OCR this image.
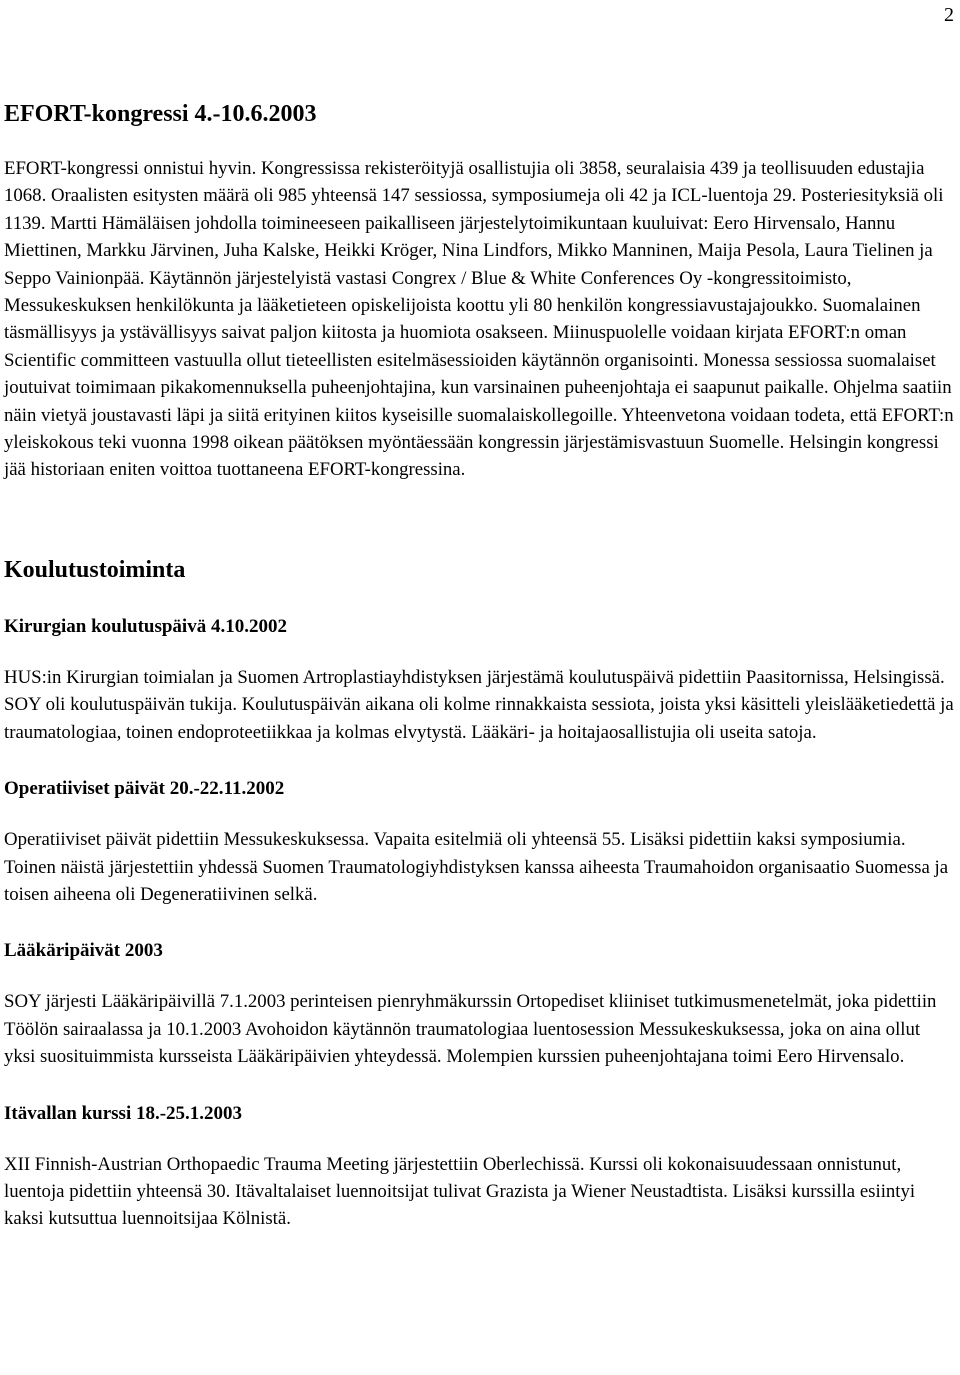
2
EFORT-kongressi 4.-10.6.2003

EFORT-kongressi onnistui hyvin. Kongressissa rekisteröityjä osallistujia oli 3858, seuralaisia 439 ja teollisuuden edustajia 1068. Oraalisten esitysten määrä oli 985 yhteensä 147 sessiossa, symposiumeja oli 42 ja ICL-luentoja 29. Posteriesityksiä oli 1139. Martti Hämäläisen johdolla toimineeseen paikalliseen järjestelytoimikuntaan kuuluivat: Eero Hirvensalo, Hannu Miettinen, Markku Järvinen, Juha Kalske, Heikki Kröger, Nina Lindfors, Mikko Manninen, Maija Pesola, Laura Tielinen ja Seppo Vainionpää. Käytännön järjestelyistä vastasi Congrex / Blue & White Conferences Oy -kongressitoimisto, Messukeskuksen henkilökunta ja lääketieteen opiskelijoista koottu yli 80 henkilön kongressiavustajajoukko. Suomalainen täsmällisyys ja ystävällisyys saivat paljon kiitosta ja huomiota osakseen. Miinuspuolelle voidaan kirjata EFORT:n oman Scientific committeen vastuulla ollut tieteellisten esitelmäsessioiden käytännön organisointi. Monessa sessiossa suomalaiset joutuivat toimimaan pikakomennuksella puheenjohtajina, kun varsinainen puheenjohtaja ei saapunut paikalle. Ohjelma saatiin näin vietyä joustavasti läpi ja siitä erityinen kiitos kyseisille suomalaiskollegoille. Yhteenvetona voidaan todeta, että EFORT:n yleiskokous teki vuonna 1998 oikean päätöksen myöntäessään kongressin järjestämisvastuun Suomelle. Helsingin kongressi jää historiaan eniten voittoa tuottaneena EFORT-kongressina.

Koulutustoiminta
Kirurgian koulutuspäivä 4.10.2002

HUS:in Kirurgian toimialan ja Suomen Artroplastiayhdistyksen järjestämä koulutuspäivä pidettiin Paasitornissa, Helsingissä. SOY oli koulutuspäivän tukija. Koulutuspäivän aikana oli kolme rinnakkaista sessiota, joista yksi käsitteli yleislääketiedettä ja traumatologiaa, toinen endoproteetiikkaa ja kolmas elvytystä. Lääkäri- ja hoitajaosallistujia oli useita satoja.

Operatiiviset päivät 20.-22.11.2002

Operatiiviset päivät pidettiin Messukeskuksessa. Vapaita esitelmiä oli yhteensä 55. Lisäksi pidettiin kaksi symposiumia. Toinen näistä järjestettiin yhdessä Suomen Traumatologiyhdistyksen kanssa aiheesta Traumahoidon organisaatio Suomessa ja toisen aiheena oli Degeneratiivinen selkä.

Lääkäripäivät 2003

SOY järjesti Lääkäripäivillä 7.1.2003 perinteisen pienryhmäkurssin Ortopediset kliiniset tutkimusmenetelmät, joka pidettiin Töölön sairaalassa ja 10.1.2003 Avohoidon käytännön traumatologiaa luentosession Messukeskuksessa, joka on aina ollut yksi suosituimmista kursseista Lääkäripäivien yhteydessä. Molempien kurssien puheenjohtajana toimi Eero Hirvensalo.

Itävallan kurssi 18.-25.1.2003

XII Finnish-Austrian Orthopaedic Trauma Meeting järjestettiin Oberlechissä. Kurssi oli kokonaisuudessaan onnistunut, luentoja pidettiin yhteensä 30. Itävaltalaiset luennoitsijat tulivat Grazista ja Wiener Neustadtista. Lisäksi kurssilla esiintyi kaksi kutsuttua luennoitsijaa Kölnistä.
